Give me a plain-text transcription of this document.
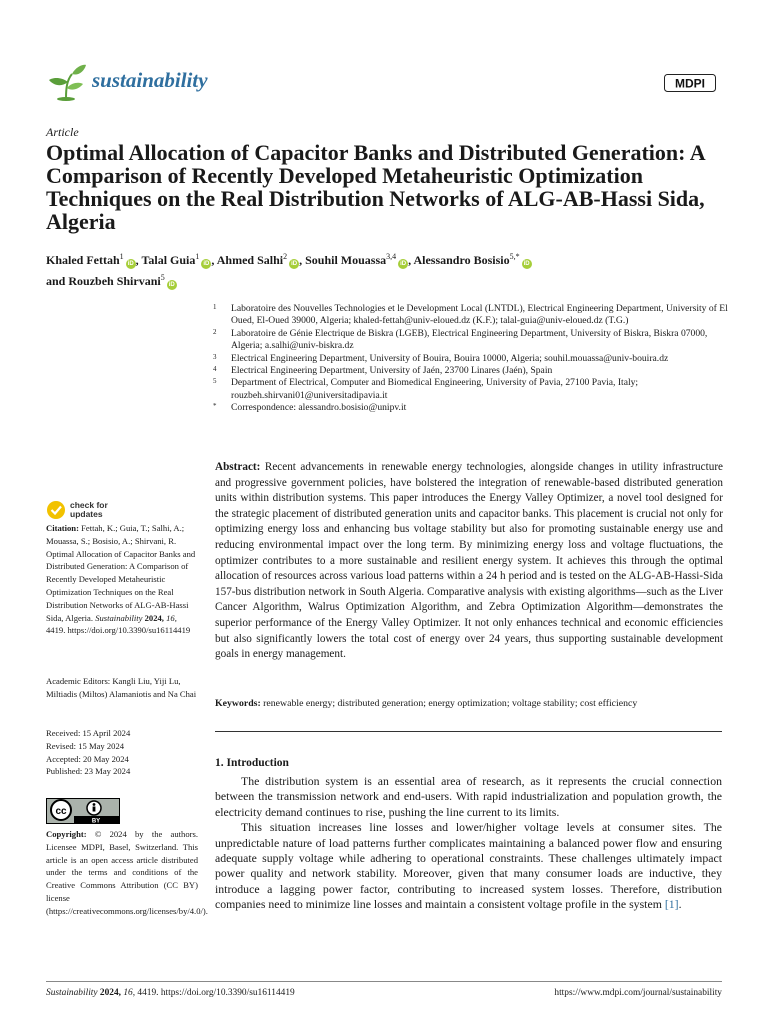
sustainability	MDPI
Article
Optimal Allocation of Capacitor Banks and Distributed Generation: A Comparison of Recently Developed Metaheuristic Optimization Techniques on the Real Distribution Networks of ALG-AB-Hassi Sida, Algeria
Khaled Fettah$^1$iD , Talal Guia$^1$iD , Ahmed Salhi$^2$iD , Souhil Mouassa$^{3,4}$iD , Alessandro Bosisio$^{5,*}$iD
and Rouzbeh Shirvani$^5$iD
1 Laboratoire des Nouvelles Technologies et le Development Local (LNTDL), Electrical Engineering Department, University of El Oued, El-Oued 39000, Algeria; khaled-fettah@univ-eloued.dz (K.F.); talal-guia@univ-eloued.dz (T.G.)
2 Laboratoire de Génie Electrique de Biskra (LGEB), Electrical Engineering Department, University of Biskra, Biskra 07000, Algeria; a.salhi@univ-biskra.dz
3 Electrical Engineering Department, University of Bouira, Bouira 10000, Algeria; souhil.mouassa@univ-bouira.dz
4 Electrical Engineering Department, University of Jaén, 23700 Linares (Jaén), Spain
5 Department of Electrical, Computer and Biomedical Engineering, University of Pavia, 27100 Pavia, Italy; rouzbeh.shirvani01@universitadipavia.it
* Correspondence: alessandro.bosisio@unipv.it
Abstract: Recent advancements in renewable energy technologies, alongside changes in utility infrastructure and progressive government policies, have bolstered the integration of renewable-based distributed generation units within distribution systems. This paper introduces the Energy Valley Optimizer, a novel tool designed for the strategic placement of distributed generation units and capacitor banks. This placement is crucial not only for optimizing energy loss and enhancing bus voltage stability but also for promoting sustainable energy use and reducing environmental impact over the long term. By minimizing energy loss and voltage fluctuations, the optimizer contributes to a more sustainable and resilient energy system. It achieves this through the optimal allocation of resources across various load patterns within a 24 h period and is tested on the ALG-AB-Hassi-Sida 157-bus distribution network in South Algeria. Comparative analysis with existing algorithms—such as the Liver Cancer Algorithm, Walrus Optimization Algorithm, and Zebra Optimization Algorithm—demonstrates the superior performance of the Energy Valley Optimizer. It not only enhances technical and economic efficiencies but also significantly lowers the total cost of energy over 24 years, thus supporting sustainable development goals in energy management.
Keywords: renewable energy; distributed generation; energy optimization; voltage stability; cost efficiency
1. Introduction

The distribution system is an essential area of research, as it represents the crucial connection between the transmission network and end-users. With rapid industrialization and population growth, the electricity demand continues to rise, pushing the line current to its limits.

This situation increases line losses and lower/higher voltage levels at consumer sites. The unpredictable nature of load patterns further complicates maintaining a balanced power flow and ensuring adequate supply voltage while adhering to operational constraints. These challenges ultimately impact power quality and network stability. Moreover, given that many consumer loads are inductive, they introduce a lagging power factor, contributing to increased system losses. Therefore, distribution companies need to minimize line losses and maintain a consistent voltage profile in the system [1].

check for
updates
Citation: Fettah, K.; Guia, T.; Salhi, A.; Mouassa, S.; Bosisio, A.; Shirvani, R. Optimal Allocation of Capacitor Banks and Distributed Generation: A Comparison of Recently Developed Metaheuristic Optimization Techniques on the Real Distribution Networks of ALG-AB-Hassi Sida, Algeria. Sustainability 2024, 16, 4419. https://doi.org/10.3390/su16114419
Academic Editors: Kangli Liu, Yiji Lu, Miltiadis (Miltos) Alamaniotis and Na Chai
Received: 15 April 2024
Revised: 15 May 2024
Accepted: 20 May 2024
Published: 23 May 2024
cc
BY
Copyright: © 2024 by the authors. Licensee MDPI, Basel, Switzerland. This article is an open access article distributed under the terms and conditions of the Creative Commons Attribution (CC BY) license (https://creativecommons.org/licenses/by/4.0/).
Sustainability 2024, 16, 4419. https://doi.org/10.3390/su16114419	https://www.mdpi.com/journal/sustainability
